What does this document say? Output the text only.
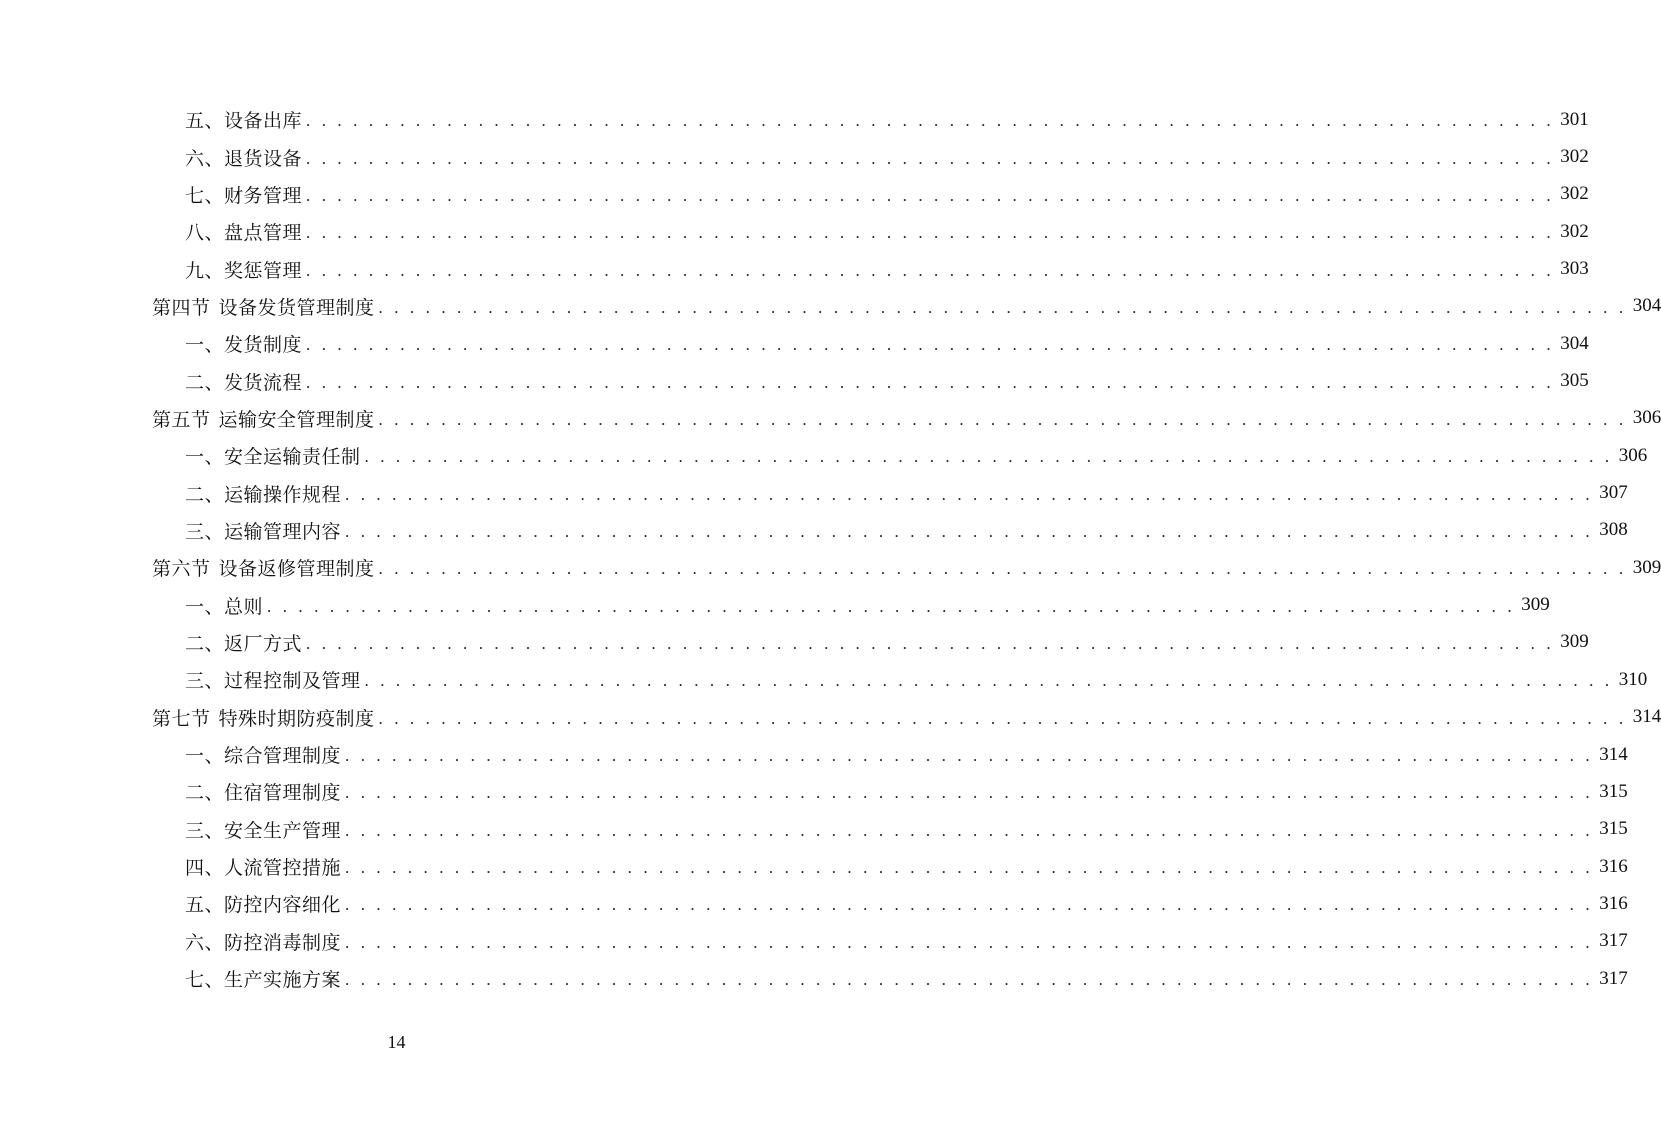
五、设备出库 . . . . . . . . . . . . . . . . . . . . . . . . . . . . . . . . . . . . . . . . . . . . . . . . . . . . . . . . . . . . . . . . . . . . . . . . . . . . . . . . 301
六、退货设备 . . . . . . . . . . . . . . . . . . . . . . . . . . . . . . . . . . . . . . . . . . . . . . . . . . . . . . . . . . . . . . . . . . . . . . . . . . . . . . . . 302
七、财务管理 . . . . . . . . . . . . . . . . . . . . . . . . . . . . . . . . . . . . . . . . . . . . . . . . . . . . . . . . . . . . . . . . . . . . . . . . . . . . . . . . 302
八、盘点管理 . . . . . . . . . . . . . . . . . . . . . . . . . . . . . . . . . . . . . . . . . . . . . . . . . . . . . . . . . . . . . . . . . . . . . . . . . . . . . . . . 302
九、奖惩管理 . . . . . . . . . . . . . . . . . . . . . . . . . . . . . . . . . . . . . . . . . . . . . . . . . . . . . . . . . . . . . . . . . . . . . . . . . . . . . . . . 303
第四节 设备发货管理制度 . . . . . . . . . . . . . . . . . . . . . . . . . . . . . . . . . . . . . . . . . . . . . . . . . . . . . . . . . . . . . . . . . . . . . . . . . . . . . . . . 304
一、发货制度 . . . . . . . . . . . . . . . . . . . . . . . . . . . . . . . . . . . . . . . . . . . . . . . . . . . . . . . . . . . . . . . . . . . . . . . . . . . . . . . . 304
二、发货流程 . . . . . . . . . . . . . . . . . . . . . . . . . . . . . . . . . . . . . . . . . . . . . . . . . . . . . . . . . . . . . . . . . . . . . . . . . . . . . . . . 305
第五节 运输安全管理制度 . . . . . . . . . . . . . . . . . . . . . . . . . . . . . . . . . . . . . . . . . . . . . . . . . . . . . . . . . . . . . . . . . . . . . . . . . . . . . . . . 306
一、安全运输责任制 . . . . . . . . . . . . . . . . . . . . . . . . . . . . . . . . . . . . . . . . . . . . . . . . . . . . . . . . . . . . . . . . . . . . . . . . . . . . . . . . 306
二、运输操作规程 . . . . . . . . . . . . . . . . . . . . . . . . . . . . . . . . . . . . . . . . . . . . . . . . . . . . . . . . . . . . . . . . . . . . . . . . . . . . . . . . 307
三、运输管理内容 . . . . . . . . . . . . . . . . . . . . . . . . . . . . . . . . . . . . . . . . . . . . . . . . . . . . . . . . . . . . . . . . . . . . . . . . . . . . . . . . 308
第六节 设备返修管理制度 . . . . . . . . . . . . . . . . . . . . . . . . . . . . . . . . . . . . . . . . . . . . . . . . . . . . . . . . . . . . . . . . . . . . . . . . . . . . . . . . 309
一、总则 . . . . . . . . . . . . . . . . . . . . . . . . . . . . . . . . . . . . . . . . . . . . . . . . . . . . . . . . . . . . . . . . . . . . . . . . . . . . . . . . 309
二、返厂方式 . . . . . . . . . . . . . . . . . . . . . . . . . . . . . . . . . . . . . . . . . . . . . . . . . . . . . . . . . . . . . . . . . . . . . . . . . . . . . . . . 309
三、过程控制及管理 . . . . . . . . . . . . . . . . . . . . . . . . . . . . . . . . . . . . . . . . . . . . . . . . . . . . . . . . . . . . . . . . . . . . . . . . . . . . . . . . 310
第七节 特殊时期防疫制度 . . . . . . . . . . . . . . . . . . . . . . . . . . . . . . . . . . . . . . . . . . . . . . . . . . . . . . . . . . . . . . . . . . . . . . . . . . . . . . . . 314
一、综合管理制度 . . . . . . . . . . . . . . . . . . . . . . . . . . . . . . . . . . . . . . . . . . . . . . . . . . . . . . . . . . . . . . . . . . . . . . . . . . . . . . . . 314
二、住宿管理制度 . . . . . . . . . . . . . . . . . . . . . . . . . . . . . . . . . . . . . . . . . . . . . . . . . . . . . . . . . . . . . . . . . . . . . . . . . . . . . . . . 315
三、安全生产管理 . . . . . . . . . . . . . . . . . . . . . . . . . . . . . . . . . . . . . . . . . . . . . . . . . . . . . . . . . . . . . . . . . . . . . . . . . . . . . . . . 315
四、人流管控措施 . . . . . . . . . . . . . . . . . . . . . . . . . . . . . . . . . . . . . . . . . . . . . . . . . . . . . . . . . . . . . . . . . . . . . . . . . . . . . . . . 316
五、防控内容细化 . . . . . . . . . . . . . . . . . . . . . . . . . . . . . . . . . . . . . . . . . . . . . . . . . . . . . . . . . . . . . . . . . . . . . . . . . . . . . . . . 316
六、防控消毒制度 . . . . . . . . . . . . . . . . . . . . . . . . . . . . . . . . . . . . . . . . . . . . . . . . . . . . . . . . . . . . . . . . . . . . . . . . . . . . . . . . 317
七、生产实施方案 . . . . . . . . . . . . . . . . . . . . . . . . . . . . . . . . . . . . . . . . . . . . . . . . . . . . . . . . . . . . . . . . . . . . . . . . . . . . . . . . 317
14
